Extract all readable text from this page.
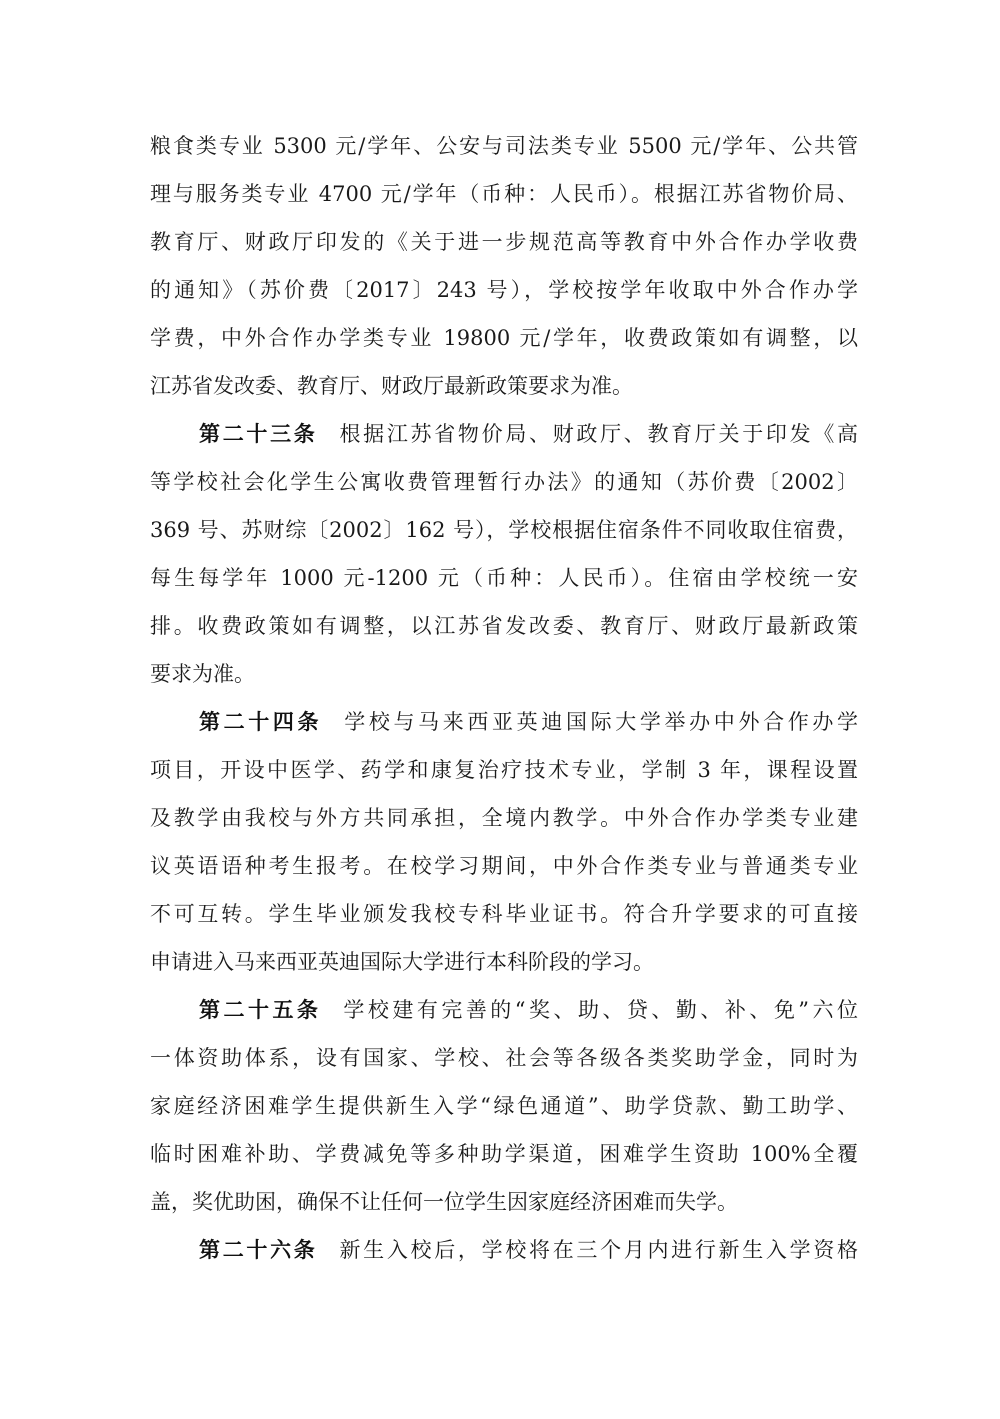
粮食类专业 5300 元/学年、公安与司法类专业 5500 元/学年、公共管
理与服务类专业 4700 元/学年（币种：人民币）。根据江苏省物价局、
教育厅、财政厅印发的《关于进一步规范高等教育中外合作办学收费
的通知》（苏价费〔2017〕243 号），学校按学年收取中外合作办学
学费，中外合作办学类专业 19800 元/学年，收费政策如有调整，以
江苏省发改委、教育厅、财政厅最新政策要求为准。
第二十三条 根据江苏省物价局、财政厅、教育厅关于印发《高
等学校社会化学生公寓收费管理暂行办法》的通知（苏价费〔2002〕
369 号、苏财综〔2002〕162 号），学校根据住宿条件不同收取住宿费，
每生每学年 1000 元-1200 元（币种：人民币）。住宿由学校统一安
排。收费政策如有调整，以江苏省发改委、教育厅、财政厅最新政策
要求为准。
第二十四条 学校与马来西亚英迪国际大学举办中外合作办学
项目，开设中医学、药学和康复治疗技术专业，学制 3 年，课程设置
及教学由我校与外方共同承担，全境内教学。中外合作办学类专业建
议英语语种考生报考。在校学习期间，中外合作类专业与普通类专业
不可互转。学生毕业颁发我校专科毕业证书。符合升学要求的可直接
申请进入马来西亚英迪国际大学进行本科阶段的学习。
第二十五条 学校建有完善的“奖、助、贷、勤、补、免”六位
一体资助体系，设有国家、学校、社会等各级各类奖助学金，同时为
家庭经济困难学生提供新生入学“绿色通道”、助学贷款、勤工助学、
临时困难补助、学费减免等多种助学渠道，困难学生资助 100%全覆
盖，奖优助困，确保不让任何一位学生因家庭经济困难而失学。
第二十六条 新生入校后，学校将在三个月内进行新生入学资格
